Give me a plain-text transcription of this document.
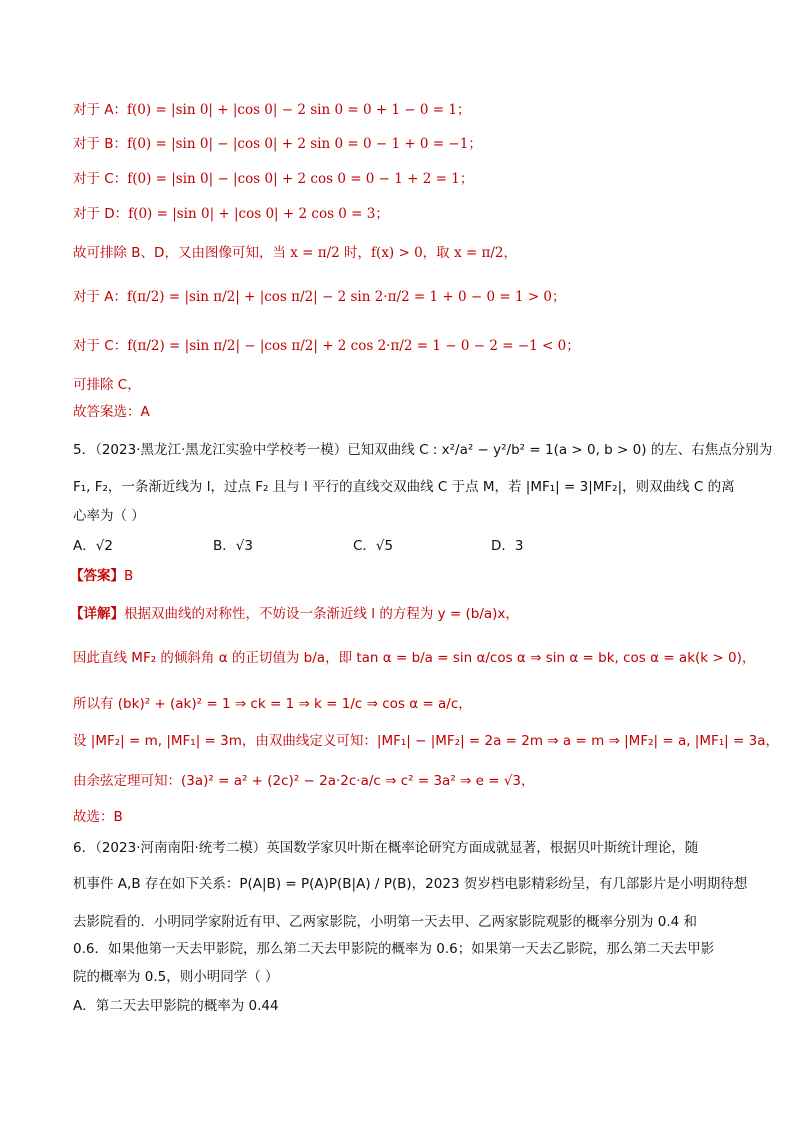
对于 A：f(0) = |sin 0| + |cos 0| − 2 sin 0 = 0 + 1 − 0 = 1；
对于 B：f(0) = |sin 0| − |cos 0| + 2 sin 0 = 0 − 1 + 0 = −1；
对于 C：f(0) = |sin 0| − |cos 0| + 2 cos 0 = 0 − 1 + 2 = 1；
对于 D：f(0) = |sin 0| + |cos 0| + 2 cos 0 = 3；
故可排除 B、D，又由图像可知，当 x = π/2 时，f(x) > 0，取 x = π/2，
对于 A：f(π/2) = |sin π/2| + |cos π/2| − 2 sin 2·π/2 = 1 + 0 − 0 = 1 > 0；
对于 C：f(π/2) = |sin π/2| − |cos π/2| + 2 cos 2·π/2 = 1 − 0 − 2 = −1 < 0；
可排除 C，
故答案选：A
5．（2023·黑龙江·黑龙江实验中学校考一模）已知双曲线 C : x²/a² − y²/b² = 1(a > 0, b > 0) 的左、右焦点分别为
F₁, F₂，一条渐近线为 l，过点 F₂ 且与 l 平行的直线交双曲线 C 于点 M，若 |MF₁| = 3|MF₂|，则双曲线 C 的离
心率为（ ）
A．√2	B．√3	C．√5	D．3
【答案】B
【详解】根据双曲线的对称性，不妨设一条渐近线 l 的方程为 y = (b/a)x，
因此直线 MF₂ 的倾斜角 α 的正切值为 b/a，即 tan α = b/a = sin α/cos α ⇒ sin α = bk, cos α = ak(k > 0)，
所以有 (bk)² + (ak)² = 1 ⇒ ck = 1 ⇒ k = 1/c ⇒ cos α = a/c，
设 |MF₂| = m, |MF₁| = 3m，由双曲线定义可知：|MF₁| − |MF₂| = 2a = 2m ⇒ a = m ⇒ |MF₂| = a, |MF₁| = 3a，
由余弦定理可知：(3a)² = a² + (2c)² − 2a·2c·a/c ⇒ c² = 3a² ⇒ e = √3，
故选：B
6．（2023·河南南阳·统考二模）英国数学家贝叶斯在概率论研究方面成就显著，根据贝叶斯统计理论，随
机事件 A,B 存在如下关系：P(A|B) = P(A)P(B|A) / P(B)，2023 贺岁档电影精彩纷呈，有几部影片是小明期待想
去影院看的．小明同学家附近有甲、乙两家影院，小明第一天去甲、乙两家影院观影的概率分别为 0.4 和
0.6．如果他第一天去甲影院，那么第二天去甲影院的概率为 0.6；如果第一天去乙影院，那么第二天去甲影
院的概率为 0.5，则小明同学（ ）
A．第二天去甲影院的概率为 0.44
